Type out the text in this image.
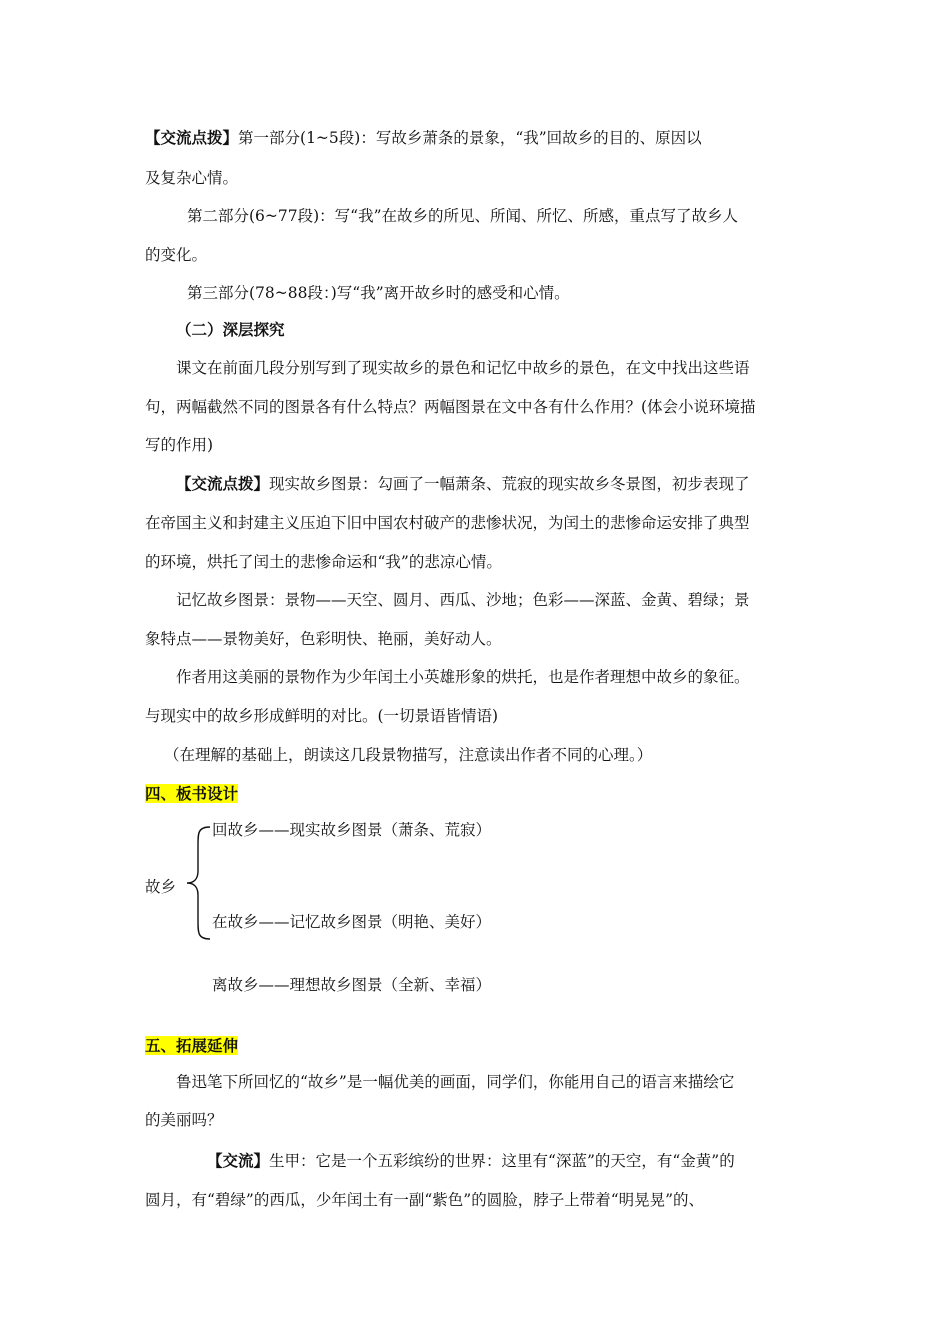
【交流点拨】第一部分(1~5段)：写故乡萧条的景象，“我”回故乡的目的、原因以

及复杂心情。

第二部分(6~77段)：写“我”在故乡的所见、所闻、所忆、所感，重点写了故乡人

的变化。

第三部分(78~88段：)写“我”离开故乡时的感受和心情。

（二）深层探究

课文在前面几段分别写到了现实故乡的景色和记忆中故乡的景色，在文中找出这些语

句，两幅截然不同的图景各有什么特点？两幅图景在文中各有什么作用？(体会小说环境描

写的作用)

【交流点拨】现实故乡图景：勾画了一幅萧条、荒寂的现实故乡冬景图，初步表现了

在帝国主义和封建主义压迫下旧中国农村破产的悲惨状况，为闰土的悲惨命运安排了典型

的环境，烘托了闰土的悲惨命运和“我”的悲凉心情。

记忆故乡图景：景物——天空、圆月、西瓜、沙地；色彩——深蓝、金黄、碧绿；景

象特点——景物美好，色彩明快、艳丽，美好动人。

作者用这美丽的景物作为少年闰土小英雄形象的烘托，也是作者理想中故乡的象征。

与现实中的故乡形成鲜明的对比。(一切景语皆情语)

（在理解的基础上，朗读这几段景物描写，注意读出作者不同的心理。）

四、板书设计

故乡

回故乡——现实故乡图景（萧条、荒寂）

在故乡——记忆故乡图景（明艳、美好）

离故乡——理想故乡图景（全新、幸福）

五、拓展延伸

鲁迅笔下所回忆的“故乡”是一幅优美的画面，同学们，你能用自己的语言来描绘它

的美丽吗？

【交流】生甲：它是一个五彩缤纷的世界：这里有“深蓝”的天空，有“金黄”的

圆月，有“碧绿”的西瓜，少年闰土有一副“紫色”的圆脸，脖子上带着“明晃晃”的、
